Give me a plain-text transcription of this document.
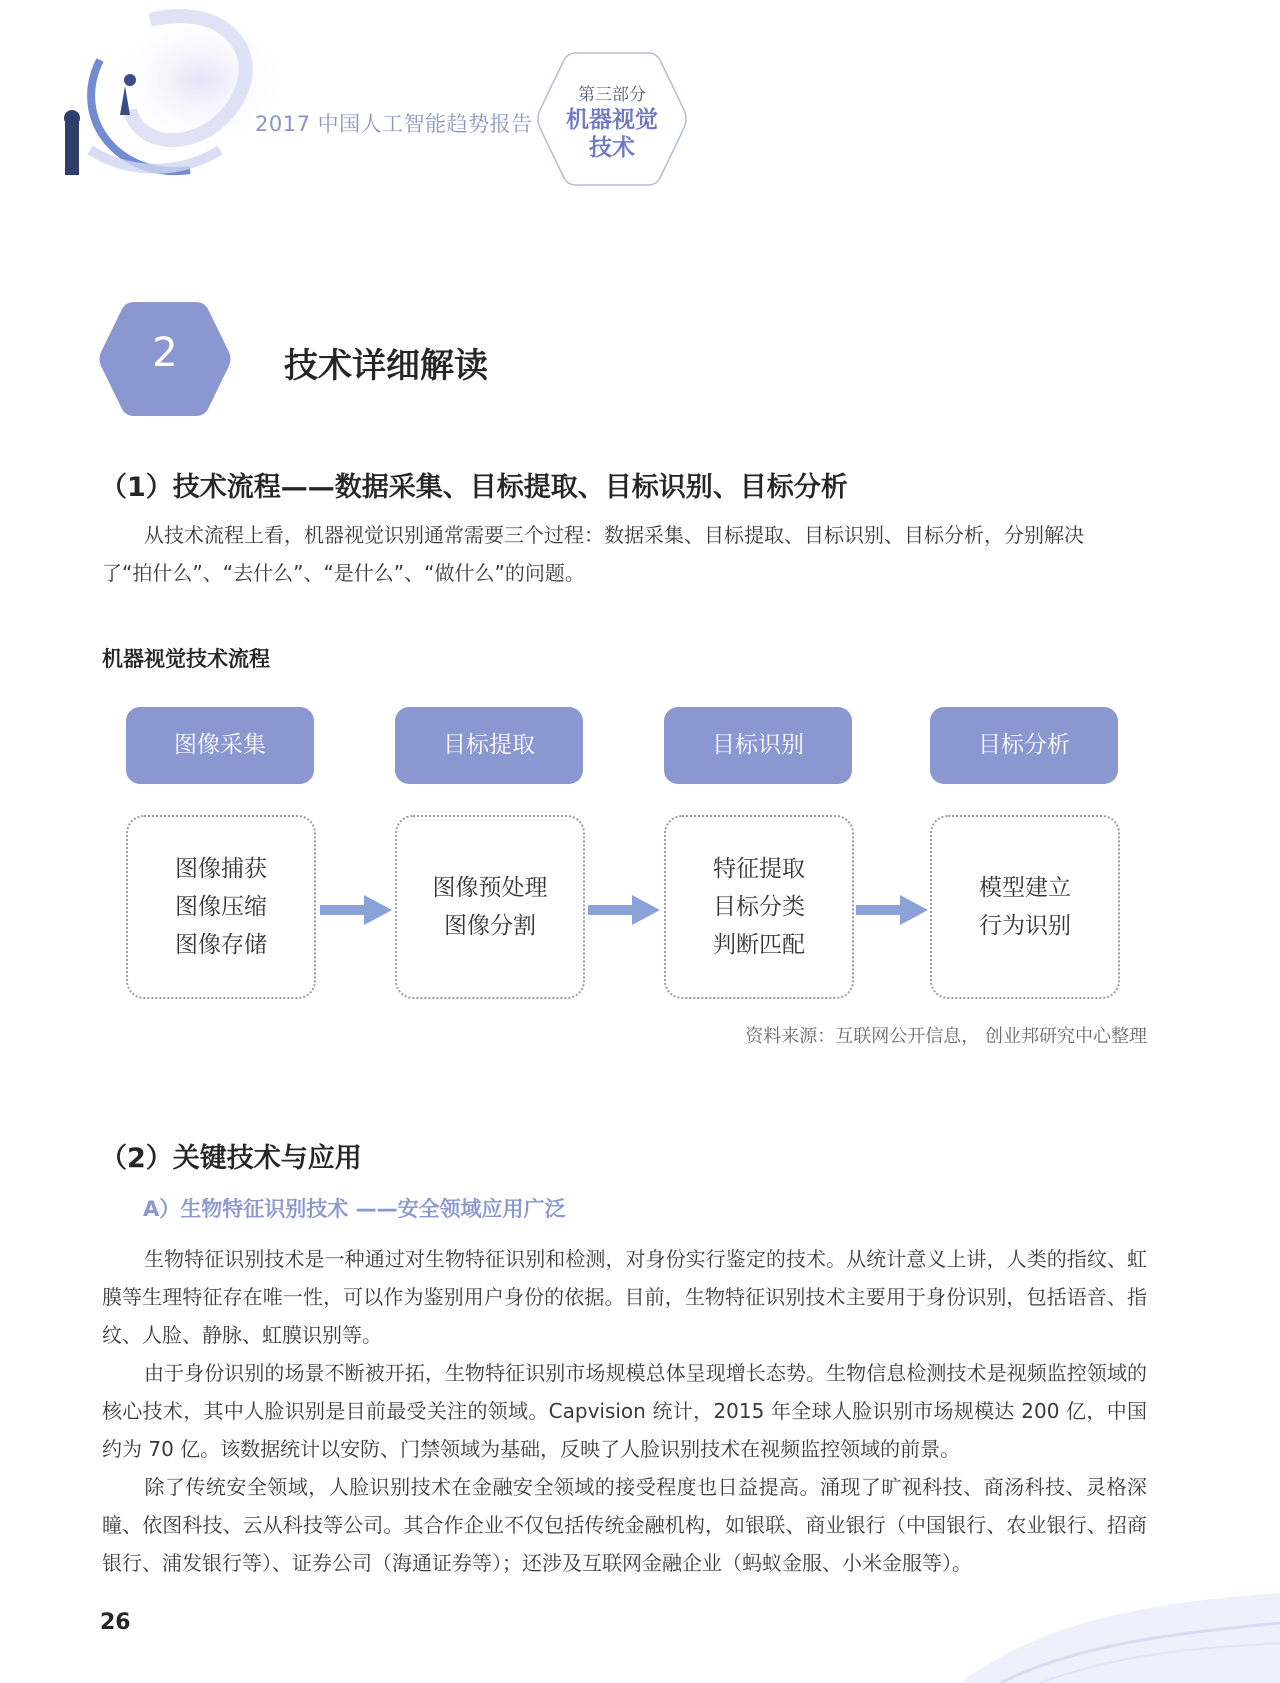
2017 中国人工智能趋势报告
第三部分
机器视觉
技术
2	技术详细解读
（1）技术流程——数据采集、目标提取、目标识别、目标分析

从技术流程上看，机器视觉识别通常需要三个过程：数据采集、目标提取、目标识别、目标分析，分别解决
了“拍什么”、“去什么”、“是什么”、“做什么”的问题。

机器视觉技术流程
图像采集	目标提取	目标识别	目标分析
图像捕获
图像压缩
图像存储
图像预处理
图像分割
特征提取
目标分类
判断匹配
模型建立
行为识别
资料来源：互联网公开信息， 创业邦研究中心整理
（2）关键技术与应用
A）生物特征识别技术 ——安全领域应用广泛

生物特征识别技术是一种通过对生物特征识别和检测，对身份实行鉴定的技术。从统计意义上讲，人类的指纹、虹膜等生理特征存在唯一性，可以作为鉴别用户身份的依据。目前，生物特征识别技术主要用于身份识别，包括语音、指纹、人脸、静脉、虹膜识别等。

由于身份识别的场景不断被开拓，生物特征识别市场规模总体呈现增长态势。生物信息检测技术是视频监控领域的核心技术，其中人脸识别是目前最受关注的领域。Capvision 统计，2015 年全球人脸识别市场规模达 200 亿，中国约为 70 亿。该数据统计以安防、门禁领域为基础，反映了人脸识别技术在视频监控领域的前景。

除了传统安全领域，人脸识别技术在金融安全领域的接受程度也日益提高。涌现了旷视科技、商汤科技、灵格深瞳、依图科技、云从科技等公司。其合作企业不仅包括传统金融机构，如银联、商业银行（中国银行、农业银行、招商银行、浦发银行等）、证券公司（海通证券等）；还涉及互联网金融企业（蚂蚁金服、小米金服等）。

26
